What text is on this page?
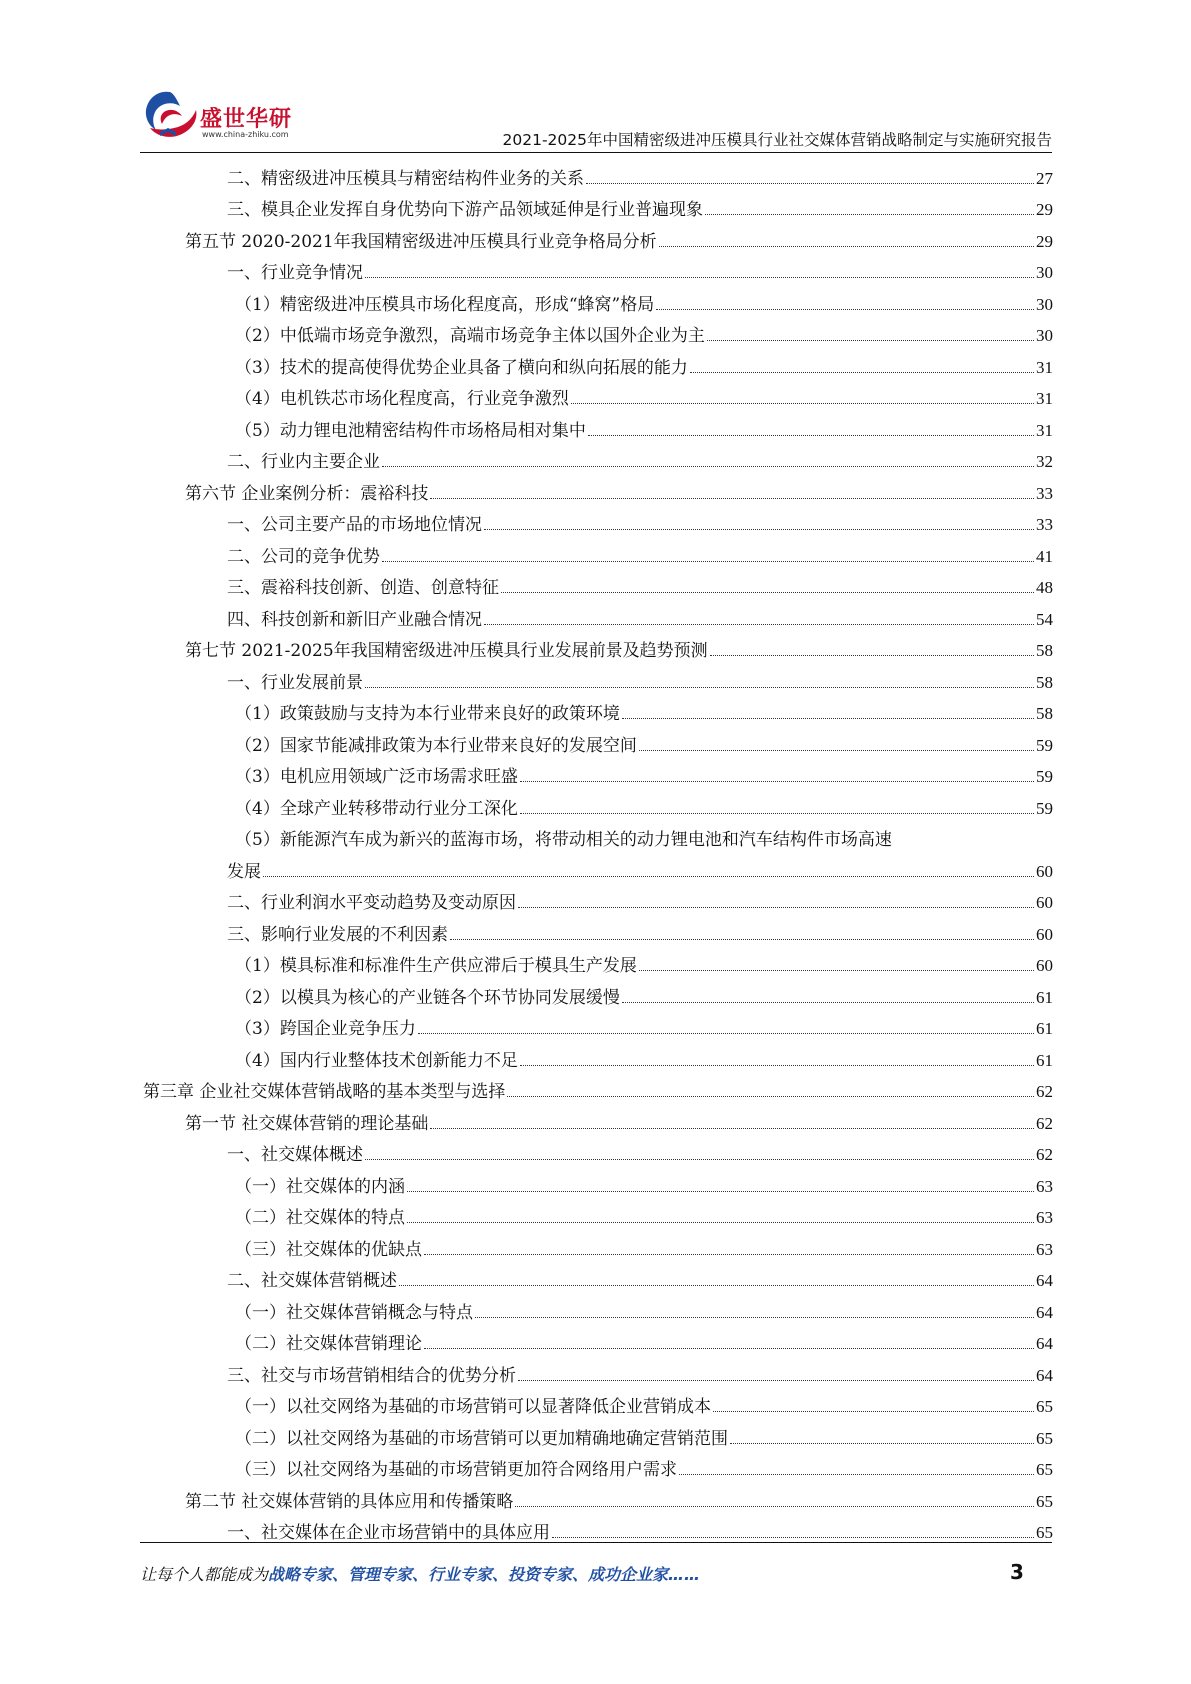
盛世华研
www.china-zhiku.com	2021-2025年中国精密级进冲压模具行业社交媒体营销战略制定与实施研究报告
二、精密级进冲压模具与精密结构件业务的关系	27
三、模具企业发挥自身优势向下游产品领域延伸是行业普遍现象	29
第五节 2020-2021年我国精密级进冲压模具行业竞争格局分析	29
一、行业竞争情况	30
（1）精密级进冲压模具市场化程度高，形成“蜂窝”格局	30
（2）中低端市场竞争激烈，高端市场竞争主体以国外企业为主	30
（3）技术的提高使得优势企业具备了横向和纵向拓展的能力	31
（4）电机铁芯市场化程度高，行业竞争激烈	31
（5）动力锂电池精密结构件市场格局相对集中	31
二、行业内主要企业	32
第六节 企业案例分析：震裕科技	33
一、公司主要产品的市场地位情况	33
二、公司的竞争优势	41
三、震裕科技创新、创造、创意特征	48
四、科技创新和新旧产业融合情况	54
第七节 2021-2025年我国精密级进冲压模具行业发展前景及趋势预测	58
一、行业发展前景	58
（1）政策鼓励与支持为本行业带来良好的政策环境	58
（2）国家节能减排政策为本行业带来良好的发展空间	59
（3）电机应用领域广泛市场需求旺盛	59
（4）全球产业转移带动行业分工深化	59
（5）新能源汽车成为新兴的蓝海市场，将带动相关的动力锂电池和汽车结构件市场高速
发展	60
二、行业利润水平变动趋势及变动原因	60
三、影响行业发展的不利因素	60
（1）模具标准和标准件生产供应滞后于模具生产发展	60
（2）以模具为核心的产业链各个环节协同发展缓慢	61
（3）跨国企业竞争压力	61
（4）国内行业整体技术创新能力不足	61
第三章 企业社交媒体营销战略的基本类型与选择	62
第一节 社交媒体营销的理论基础	62
一、社交媒体概述	62
（一）社交媒体的内涵	63
（二）社交媒体的特点	63
（三）社交媒体的优缺点	63
二、社交媒体营销概述	64
（一）社交媒体营销概念与特点	64
（二）社交媒体营销理论	64
三、社交与市场营销相结合的优势分析	64
（一）以社交网络为基础的市场营销可以显著降低企业营销成本	65
（二）以社交网络为基础的市场营销可以更加精确地确定营销范围	65
（三）以社交网络为基础的市场营销更加符合网络用户需求	65
第二节 社交媒体营销的具体应用和传播策略	65
一、社交媒体在企业市场营销中的具体应用	65
让每个人都能成为战略专家、管理专家、行业专家、投资专家、成功企业家……	3
